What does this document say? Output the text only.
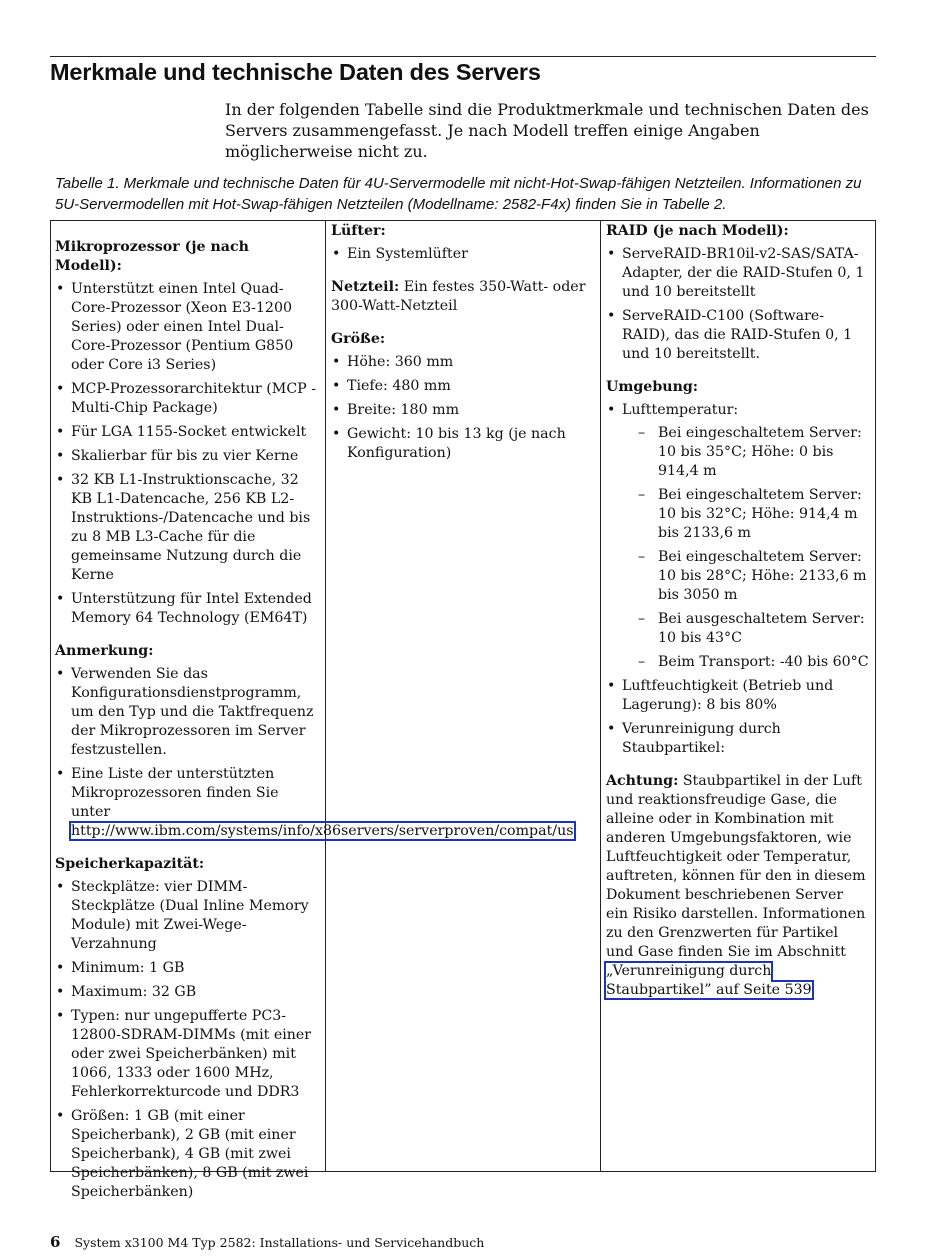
Merkmale und technische Daten des Servers

In der folgenden Tabelle sind die Produktmerkmale und technischen Daten des Servers zusammengefasst. Je nach Modell treffen einige Angaben möglicherweise nicht zu.

Tabelle 1. Merkmale und technische Daten für 4U-Servermodelle mit nicht-Hot-Swap-fähigen Netzteilen. Informationen zu 5U-Servermodellen mit Hot-Swap-fähigen Netzteilen (Modellname: 2582-F4x) finden Sie in Tabelle 2.

Mikroprozessor (je nach Modell):
• Unterstützt einen Intel Quad-Core-Prozessor (Xeon E3-1200 Series) oder einen Intel Dual-Core-Prozessor (Pentium G850 oder Core i3 Series)
• MCP-Prozessorarchitektur (MCP - Multi-Chip Package)
• Für LGA 1155-Socket entwickelt
• Skalierbar für bis zu vier Kerne
• 32 KB L1-Instruktionscache, 32 KB L1-Datencache, 256 KB L2-Instruktions-/Datencache und bis zu 8 MB L3-Cache für die gemeinsame Nutzung durch die Kerne
• Unterstützung für Intel Extended Memory 64 Technology (EM64T)
Anmerkung:
• Verwenden Sie das Konfigurationsdienstprogramm, um den Typ und die Taktfrequenz der Mikroprozessoren im Server festzustellen.
• Eine Liste der unterstützten Mikroprozessoren finden Sie unter http://www.ibm.com/systems/info/x86servers/serverproven/compat/us
Speicherkapazität:
• Steckplätze: vier DIMM-Steckplätze (Dual Inline Memory Module) mit Zwei-Wege-Verzahnung
• Minimum: 1 GB
• Maximum: 32 GB
• Typen: nur ungepufferte PC3-12800-SDRAM-DIMMs (mit einer oder zwei Speicherbänken) mit 1066, 1333 oder 1600 MHz, Fehlerkorrekturcode und DDR3
• Größen: 1 GB (mit einer Speicherbank), 2 GB (mit einer Speicherbank), 4 GB (mit zwei Speicherbänken), 8 GB (mit zwei Speicherbänken)
Lüfter:
• Ein Systemlüfter

Netzteil: Ein festes 350-Watt- oder 300-Watt-Netzteil

Größe:
• Höhe: 360 mm
• Tiefe: 480 mm
• Breite: 180 mm
• Gewicht: 10 bis 13 kg (je nach Konfiguration)
RAID (je nach Modell):
• ServeRAID-BR10il-v2-SAS/SATA-Adapter, der die RAID-Stufen 0, 1 und 10 bereitstellt
• ServeRAID-C100 (Software-RAID), das die RAID-Stufen 0, 1 und 10 bereitstellt.
Umgebung:
• Lufttemperatur:
– Bei eingeschaltetem Server: 10 bis 35°C; Höhe: 0 bis 914,4 m
– Bei eingeschaltetem Server: 10 bis 32°C; Höhe: 914,4 m bis 2133,6 m
– Bei eingeschaltetem Server: 10 bis 28°C; Höhe: 2133,6 m bis 3050 m
– Bei ausgeschaltetem Server: 10 bis 43°C
– Beim Transport: -40 bis 60°C
• Luftfeuchtigkeit (Betrieb und Lagerung): 8 bis 80%
• Verunreinigung durch Staubpartikel:

Achtung: Staubpartikel in der Luft und reaktionsfreudige Gase, die alleine oder in Kombination mit anderen Umgebungsfaktoren, wie Luftfeuchtigkeit oder Temperatur, auftreten, können für den in diesem Dokument beschriebenen Server ein Risiko darstellen. Informationen zu den Grenzwerten für Partikel und Gase finden Sie im Abschnitt „Verunreinigung durch Staubpartikel” auf Seite 539

6 System x3100 M4 Typ 2582: Installations- und Servicehandbuch
